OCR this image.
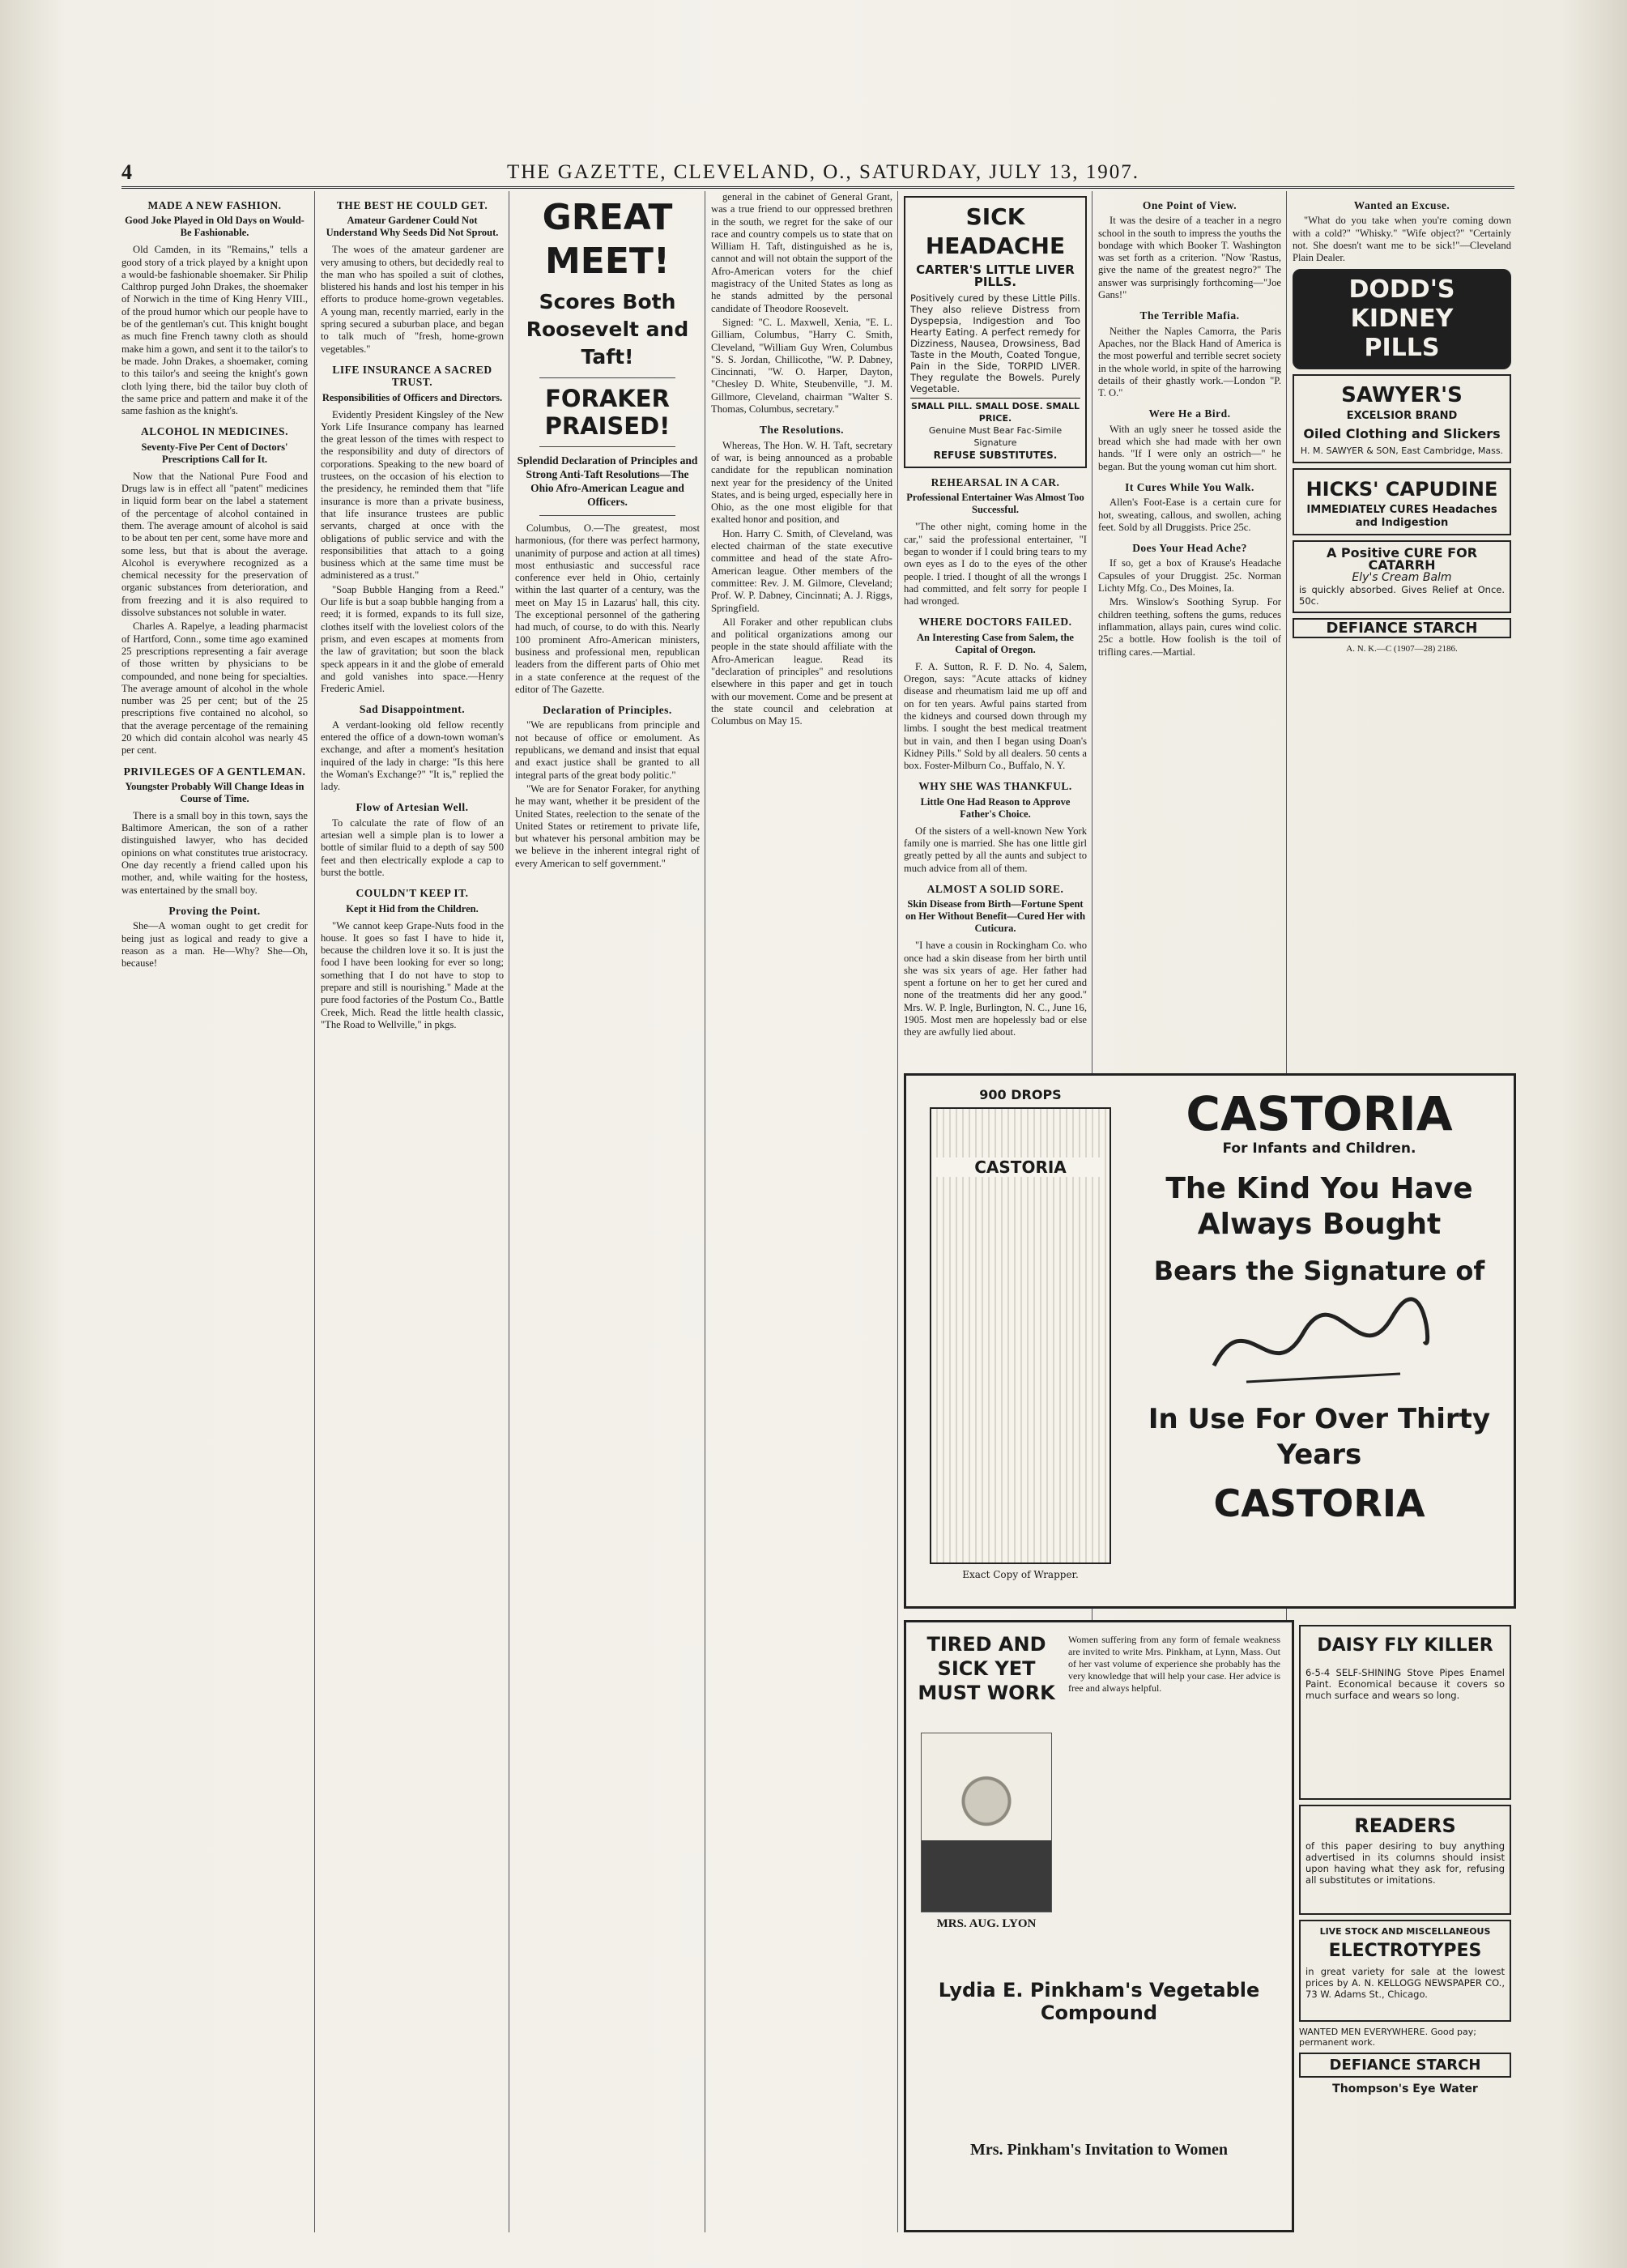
4	THE GAZETTE, CLEVELAND, O., SATURDAY, JULY 13, 1907.
MADE A NEW FASHION.
Good Joke Played in Old Days on Would-Be Fashionable.

Old Camden, in its "Remains," tells a good story of a trick played by a knight upon a would-be fashionable shoemaker. Sir Philip Calthrop purged John Drakes, the shoemaker of Norwich in the time of King Henry VIII., of the proud humor which our people have to be of the gentleman's cut. This knight bought as much fine French tawny cloth as should make him a gown, and sent it to the tailor's to be made. John Drakes, a shoemaker, coming to this tailor's and seeing the knight's gown cloth lying there, bid the tailor buy cloth of the same price and pattern and make it of the same fashion as the knight's.

ALCOHOL IN MEDICINES.
Seventy-Five Per Cent of Doctors' Prescriptions Call for It.

Now that the National Pure Food and Drugs law is in effect all "patent" medicines in liquid form bear on the label a statement of the percentage of alcohol contained in them. The average amount of alcohol is said to be about ten per cent, some have more and some less, but that is about the average. Alcohol is everywhere recognized as a chemical necessity for the preservation of organic substances from deterioration, and from freezing and it is also required to dissolve substances not soluble in water.

Charles A. Rapelye, a leading pharmacist of Hartford, Conn., some time ago examined 25 prescriptions representing a fair average of those written by physicians to be compounded, and none being for specialties. The average amount of alcohol in the whole number was 25 per cent; but of the 25 prescriptions five contained no alcohol, so that the average percentage of the remaining 20 which did contain alcohol was nearly 45 per cent.

PRIVILEGES OF A GENTLEMAN.
Youngster Probably Will Change Ideas in Course of Time.

There is a small boy in this town, says the Baltimore American, the son of a rather distinguished lawyer, who has decided opinions on what constitutes true aristocracy. One day recently a friend called upon his mother, and, while waiting for the hostess, was entertained by the small boy.

Proving the Point.

She—A woman ought to get credit for being just as logical and ready to give a reason as a man. He—Why? She—Oh, because!

THE BEST HE COULD GET.
Amateur Gardener Could Not Understand Why Seeds Did Not Sprout.

The woes of the amateur gardener are very amusing to others, but decidedly real to the man who has spoiled a suit of clothes, blistered his hands and lost his temper in his efforts to produce home-grown vegetables. A young man, recently married, early in the spring secured a suburban place, and began to talk much of "fresh, home-grown vegetables."

LIFE INSURANCE A SACRED TRUST.
Responsibilities of Officers and Directors.

Evidently President Kingsley of the New York Life Insurance company has learned the great lesson of the times with respect to the responsibility and duty of directors of corporations. Speaking to the new board of trustees, on the occasion of his election to the presidency, he reminded them that "life insurance is more than a private business, that life insurance trustees are public servants, charged at once with the obligations of public service and with the responsibilities that attach to a going business which at the same time must be administered as a trust."

"Soap Bubble Hanging from a Reed." Our life is but a soap bubble hanging from a reed; it is formed, expands to its full size, clothes itself with the loveliest colors of the prism, and even escapes at moments from the law of gravitation; but soon the black speck appears in it and the globe of emerald and gold vanishes into space.—Henry Frederic Amiel.

Sad Disappointment.

A verdant-looking old fellow recently entered the office of a down-town woman's exchange, and after a moment's hesitation inquired of the lady in charge: "Is this here the Woman's Exchange?" "It is," replied the lady.

Flow of Artesian Well.

To calculate the rate of flow of an artesian well a simple plan is to lower a bottle of similar fluid to a depth of say 500 feet and then electrically explode a cap to burst the bottle.

COULDN'T KEEP IT.
Kept it Hid from the Children.

"We cannot keep Grape-Nuts food in the house. It goes so fast I have to hide it, because the children love it so. It is just the food I have been looking for ever so long; something that I do not have to stop to prepare and still is nourishing." Made at the pure food factories of the Postum Co., Battle Creek, Mich. Read the little health classic, "The Road to Wellville," in pkgs.

GREAT MEET!
Scores Both Roosevelt and Taft!
FORAKER PRAISED!
Splendid Declaration of Principles and Strong Anti-Taft Resolutions—The Ohio Afro-American League and Officers.

Columbus, O.—The greatest, most harmonious, (for there was perfect harmony, unanimity of purpose and action at all times) most enthusiastic and successful race conference ever held in Ohio, certainly within the last quarter of a century, was the meet on May 15 in Lazarus' hall, this city. The exceptional personnel of the gathering had much, of course, to do with this. Nearly 100 prominent Afro-American ministers, business and professional men, republican leaders from the different parts of Ohio met in a state conference at the request of the editor of The Gazette.

Declaration of Principles.

"We are republicans from principle and not because of office or emolument. As republicans, we demand and insist that equal and exact justice shall be granted to all integral parts of the great body politic."

"We are for Senator Foraker, for anything he may want, whether it be president of the United States, reelection to the senate of the United States or retirement to private life, but whatever his personal ambition may be we believe in the inherent integral right of every American to self government."

general in the cabinet of General Grant, was a true friend to our oppressed brethren in the south, we regret for the sake of our race and country compels us to state that on William H. Taft, distinguished as he is, cannot and will not obtain the support of the Afro-American voters for the chief magistracy of the United States as long as he stands admitted by the personal candidate of Theodore Roosevelt.

Signed: "C. L. Maxwell, Xenia, "E. L. Gilliam, Columbus, "Harry C. Smith, Cleveland, "William Guy Wren, Columbus "S. S. Jordan, Chillicothe, "W. P. Dabney, Cincinnati, "W. O. Harper, Dayton, "Chesley D. White, Steubenville, "J. M. Gillmore, Cleveland, chairman "Walter S. Thomas, Columbus, secretary."

The Resolutions.

Whereas, The Hon. W. H. Taft, secretary of war, is being announced as a probable candidate for the republican nomination next year for the presidency of the United States, and is being urged, especially here in Ohio, as the one most eligible for that exalted honor and position, and

Hon. Harry C. Smith, of Cleveland, was elected chairman of the state executive committee and head of the state Afro-American league. Other members of the committee: Rev. J. M. Gilmore, Cleveland; Prof. W. P. Dabney, Cincinnati; A. J. Riggs, Springfield.

All Foraker and other republican clubs and political organizations among our people in the state should affiliate with the Afro-American league. Read its "declaration of principles" and resolutions elsewhere in this paper and get in touch with our movement. Come and be present at the state council and celebration at Columbus on May 15.

SICK HEADACHE
CARTER'S LITTLE LIVER PILLS.
Positively cured by these Little Pills. They also relieve Distress from Dyspepsia, Indigestion and Too Hearty Eating. A perfect remedy for Dizziness, Nausea, Drowsiness, Bad Taste in the Mouth, Coated Tongue, Pain in the Side, TORPID LIVER. They regulate the Bowels. Purely Vegetable.
SMALL PILL. SMALL DOSE. SMALL PRICE.
Genuine Must Bear Fac-Simile Signature
REFUSE SUBSTITUTES.
REHEARSAL IN A CAR.
Professional Entertainer Was Almost Too Successful.

"The other night, coming home in the car," said the professional entertainer, "I began to wonder if I could bring tears to my own eyes as I do to the eyes of the other people. I tried. I thought of all the wrongs I had committed, and felt sorry for people I had wronged.

WHERE DOCTORS FAILED.
An Interesting Case from Salem, the Capital of Oregon.

F. A. Sutton, R. F. D. No. 4, Salem, Oregon, says: "Acute attacks of kidney disease and rheumatism laid me up off and on for ten years. Awful pains started from the kidneys and coursed down through my limbs. I sought the best medical treatment but in vain, and then I began using Doan's Kidney Pills." Sold by all dealers. 50 cents a box. Foster-Milburn Co., Buffalo, N. Y.

WHY SHE WAS THANKFUL.
Little One Had Reason to Approve Father's Choice.

Of the sisters of a well-known New York family one is married. She has one little girl greatly petted by all the aunts and subject to much advice from all of them.

ALMOST A SOLID SORE.
Skin Disease from Birth—Fortune Spent on Her Without Benefit—Cured Her with Cuticura.

"I have a cousin in Rockingham Co. who once had a skin disease from her birth until she was six years of age. Her father had spent a fortune on her to get her cured and none of the treatments did her any good." Mrs. W. P. Ingle, Burlington, N. C., June 16, 1905. Most men are hopelessly bad or else they are awfully lied about.

One Point of View.

It was the desire of a teacher in a negro school in the south to impress the youths the bondage with which Booker T. Washington was set forth as a criterion. "Now 'Rastus, give the name of the greatest negro?" The answer was surprisingly forthcoming—"Joe Gans!"

The Terrible Mafia.

Neither the Naples Camorra, the Paris Apaches, nor the Black Hand of America is the most powerful and terrible secret society in the whole world, in spite of the harrowing details of their ghastly work.—London "P. T. O."

Were He a Bird.

With an ugly sneer he tossed aside the bread which she had made with her own hands. "If I were only an ostrich—" he began. But the young woman cut him short.

It Cures While You Walk.

Allen's Foot-Ease is a certain cure for hot, sweating, callous, and swollen, aching feet. Sold by all Druggists. Price 25c.

Does Your Head Ache?

If so, get a box of Krause's Headache Capsules of your Druggist. 25c. Norman Lichty Mfg. Co., Des Moines, Ia.

Mrs. Winslow's Soothing Syrup. For children teething, softens the gums, reduces inflammation, allays pain, cures wind colic. 25c a bottle. How foolish is the toil of trifling cares.—Martial.

Wanted an Excuse.

"What do you take when you're coming down with a cold?" "Whisky." "Wife object?" "Certainly not. She doesn't want me to be sick!"—Cleveland Plain Dealer.

DODD'S
KIDNEY
PILLS
SAWYER'S
EXCELSIOR BRAND
Oiled Clothing and Slickers
H. M. SAWYER & SON, East Cambridge, Mass.
HICKS' CAPUDINE
IMMEDIATELY CURES Headaches and Indigestion
A Positive CURE FOR CATARRH
Ely's Cream Balm
is quickly absorbed. Gives Relief at Once. 50c.
DEFIANCE STARCH
A. N. K.—C (1907—28) 2186.
900 DROPS
CASTORIA
Exact Copy of Wrapper.
CASTORIA
For Infants and Children.
The Kind You Have Always Bought
Bears the Signature of
In Use For Over Thirty Years
CASTORIA
TIRED AND SICK YET MUST WORK
MRS. AUG. LYON
Women suffering from any form of female weakness are invited to write Mrs. Pinkham, at Lynn, Mass. Out of her vast volume of experience she probably has the very knowledge that will help your case. Her advice is free and always helpful.
Lydia E. Pinkham's Vegetable Compound
Mrs. Pinkham's Invitation to Women
DAISY FLY KILLER
6-5-4 SELF-SHINING Stove Pipes Enamel Paint. Economical because it covers so much surface and wears so long.
READERS
of this paper desiring to buy anything advertised in its columns should insist upon having what they ask for, refusing all substitutes or imitations.
LIVE STOCK AND MISCELLANEOUS
ELECTROTYPES
in great variety for sale at the lowest prices by A. N. KELLOGG NEWSPAPER CO., 73 W. Adams St., Chicago.
WANTED MEN EVERYWHERE. Good pay; permanent work.
DEFIANCE STARCH
Thompson's Eye Water
